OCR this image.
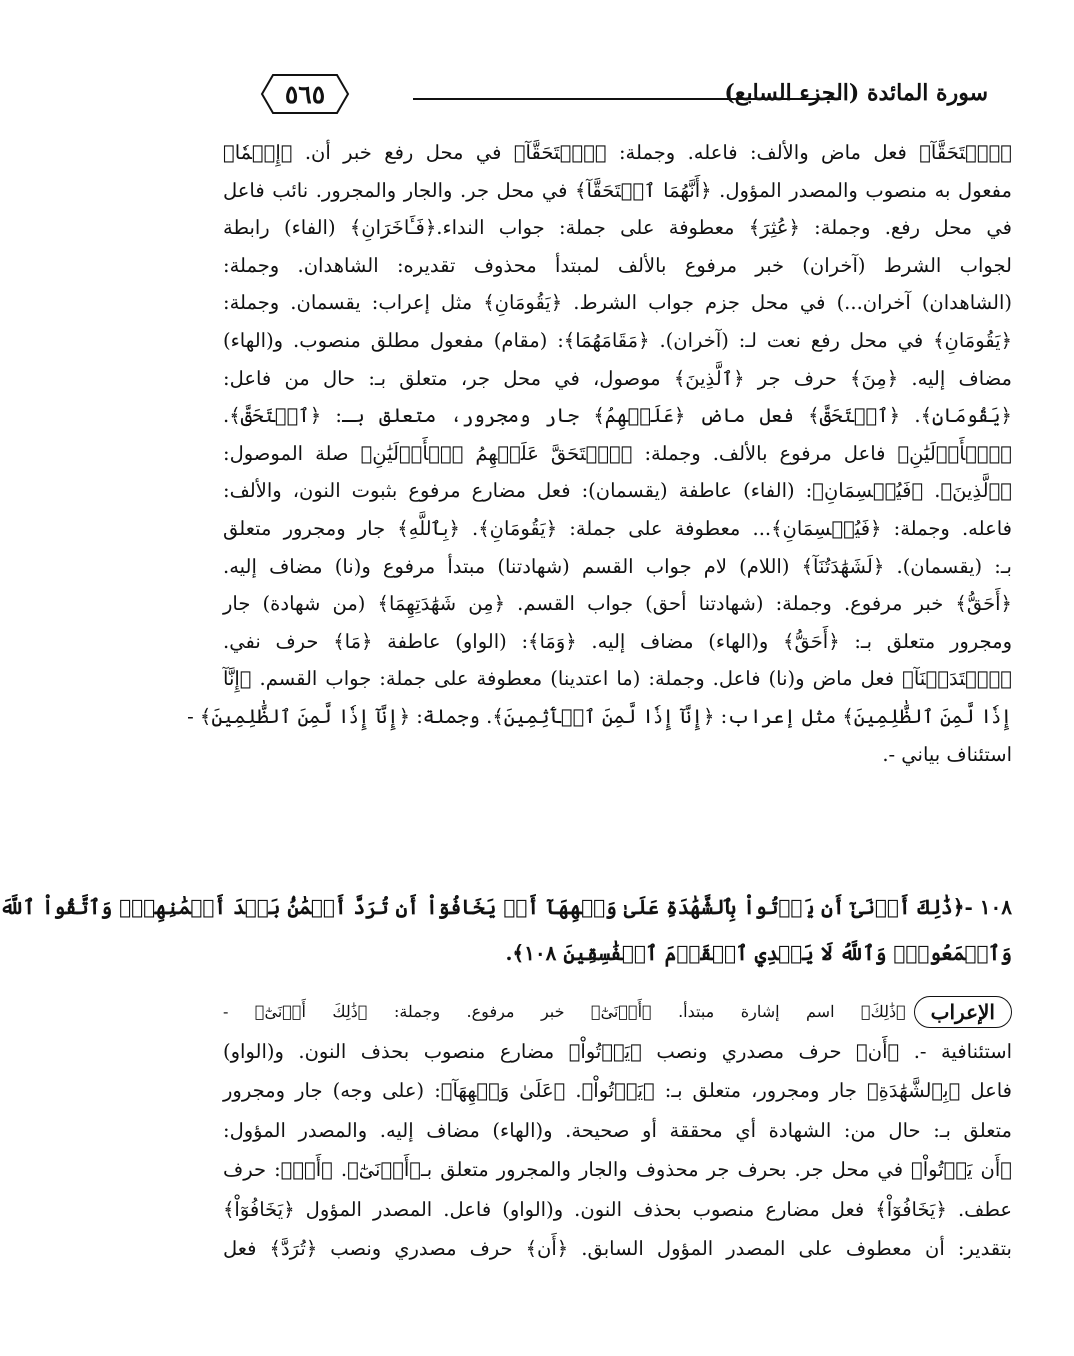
٥٦٥	سورة المائدة (الجزء السابع)
﴿ٱسۡتَحَقَّآ﴾ فعل ماض والألف: فاعله. وجملة: ﴿ٱسۡتَحَقَّآ﴾ في محل رفع خبر أن. ﴿إِثۡمٗا﴾
مفعول به منصوب والمصدر المؤول. ﴿أَنَّهُمَا ٱسۡتَحَقَّآ﴾ في محل جر. والجار والمجرور. نائب فاعل
في محل رفع. وجملة: ﴿عُثِرَ﴾ معطوفة على جملة: جواب النداء.﴿فَـَٔاخَرَانِ﴾ (الفاء) رابطة
لجواب الشرط (آخران) خبر مرفوع بالألف لمبتدأ محذوف تقديره: الشاهدان. وجملة:
(الشاهدان) آخران...) في محل جزم جواب الشرط. ﴿يَقُومَانِ﴾ مثل إعراب: يقسمان. وجملة:
﴿يَقُومَانِ﴾ في محل رفع نعت لـ: (آخران). ﴿مَقَامَهُمَا﴾: (مقام) مفعول مطلق منصوب. و(الهاء)
مضاف إليه. ﴿مِنَ﴾ حرف جر ﴿ٱلَّذِينَ﴾ موصول، في محل جر، متعلق بـ: حال من فاعل:
﴿يَقُومَانِ﴾. ﴿ٱسۡتَحَقَّ﴾ فعل ماض ﴿عَلَيۡهِمُ﴾ جار ومجرور، متعلق بـ: ﴿ٱسۡتَحَقَّ﴾.
﴿ٱلۡأَوۡلَيَٰنِ﴾ فاعل مرفوع بالألف. وجملة: ﴿ٱسۡتَحَقَّ عَلَيۡهِمُ ٱلۡأَوۡلَيَٰنِ﴾ صلة الموصول:
﴿ٱلَّذِينَ﴾. ﴿فَيُقۡسِمَانِ﴾: (الفاء) عاطفة (يقسمان): فعل مضارع مرفوع بثبوت النون، والألف:
فاعله. وجملة: ﴿فَيُقۡسِمَانِ﴾... معطوفة على جملة: ﴿يَقُومَانِ﴾. ﴿بِٱللَّهِ﴾ جار ومجرور متعلق
بـ: (يقسمان). ﴿لَشَهَٰدَتُنَآ﴾ (اللام) لام جواب القسم (شهادتنا) مبتدأ مرفوع و(نا) مضاف إليه.
﴿أَحَقُّ﴾ خبر مرفوع. وجملة: (شهادتنا أحق) جواب القسم. ﴿مِن شَهَٰدَتِهِمَا﴾ (من شهادة) جار
ومجرور متعلق بـ: ﴿أَحَقُّ﴾ و(الهاء) مضاف إليه. ﴿وَمَا﴾: (الواو) عاطفة ﴿مَا﴾ حرف نفي.
﴿ٱعۡتَدَيۡنَآ﴾ فعل ماض و(نا) فاعل. وجملة: (ما اعتدينا) معطوفة على جملة: جواب القسم. ﴿إِنَّآ
إِذٗا لَّمِنَ ٱلظَّٰلِمِينَ﴾ مثل إعراب: ﴿إِنَّآ إِذٗا لَّمِنَ ٱلۡأٓثِمِينَ﴾. وجملة: ﴿إِنَّآ إِذٗا لَّمِنَ ٱلظَّٰلِمِينَ﴾ -
استئناف بياني -.
١٠٨ -﴿ذَٰلِكَ أَدۡنَىٰٓ أَن يَأۡتُواْ بِٱلشَّهَٰدَةِ عَلَىٰ وَجۡهِهَآ أَوۡ يَخَافُوٓاْ أَن تُرَدَّ أَيۡمَٰنُۢ بَعۡدَ أَيۡمَٰنِهِمۡۗ وَٱتَّقُواْ ٱللَّهَ
وَٱسۡمَعُواْۗ وَٱللَّهُ لَا يَهۡدِي ٱلۡقَوۡمَ ٱلۡفَٰسِقِينَ ١٠٨﴾.
الإعراب
﴿ذَٰلِكَ﴾ اسم إشارة مبتدأ. ﴿أَدۡنَىٰٓ﴾ خبر مرفوع. وجملة: ﴿ذَٰلِكَ أَدۡنَىٰٓ﴾ -
استئنافية -. ﴿أَن﴾ حرف مصدري ونصب ﴿يَأۡتُواْ﴾ مضارع منصوب بحذف النون. و(الواو)
فاعل ﴿بِٱلشَّهَٰدَةِ﴾ جار ومجرور، متعلق بـ: ﴿يَأۡتُواْ﴾. ﴿عَلَىٰ وَجۡهِهَآ﴾: (على وجه) جار ومجرور
متعلق بـ: حال من: الشهادة أي محققة أو صحيحة. و(الهاء) مضاف إليه. والمصدر المؤول:
﴿أَن يَأۡتُواْ﴾ في محل جر. بحرف جر محذوف والجار والمجرور متعلق بـ﴿أَدۡنَىٰٓ﴾. ﴿أَوۡ﴾: حرف
عطف. ﴿يَخَافُوٓاْ﴾ فعل مضارع منصوب بحذف النون. و(الواو) فاعل. المصدر المؤول ﴿يَخَافُوٓاْ﴾
بتقدير: أن معطوف على المصدر المؤول السابق. ﴿أَن﴾ حرف مصدري ونصب ﴿تُرَدَّ﴾ فعل
